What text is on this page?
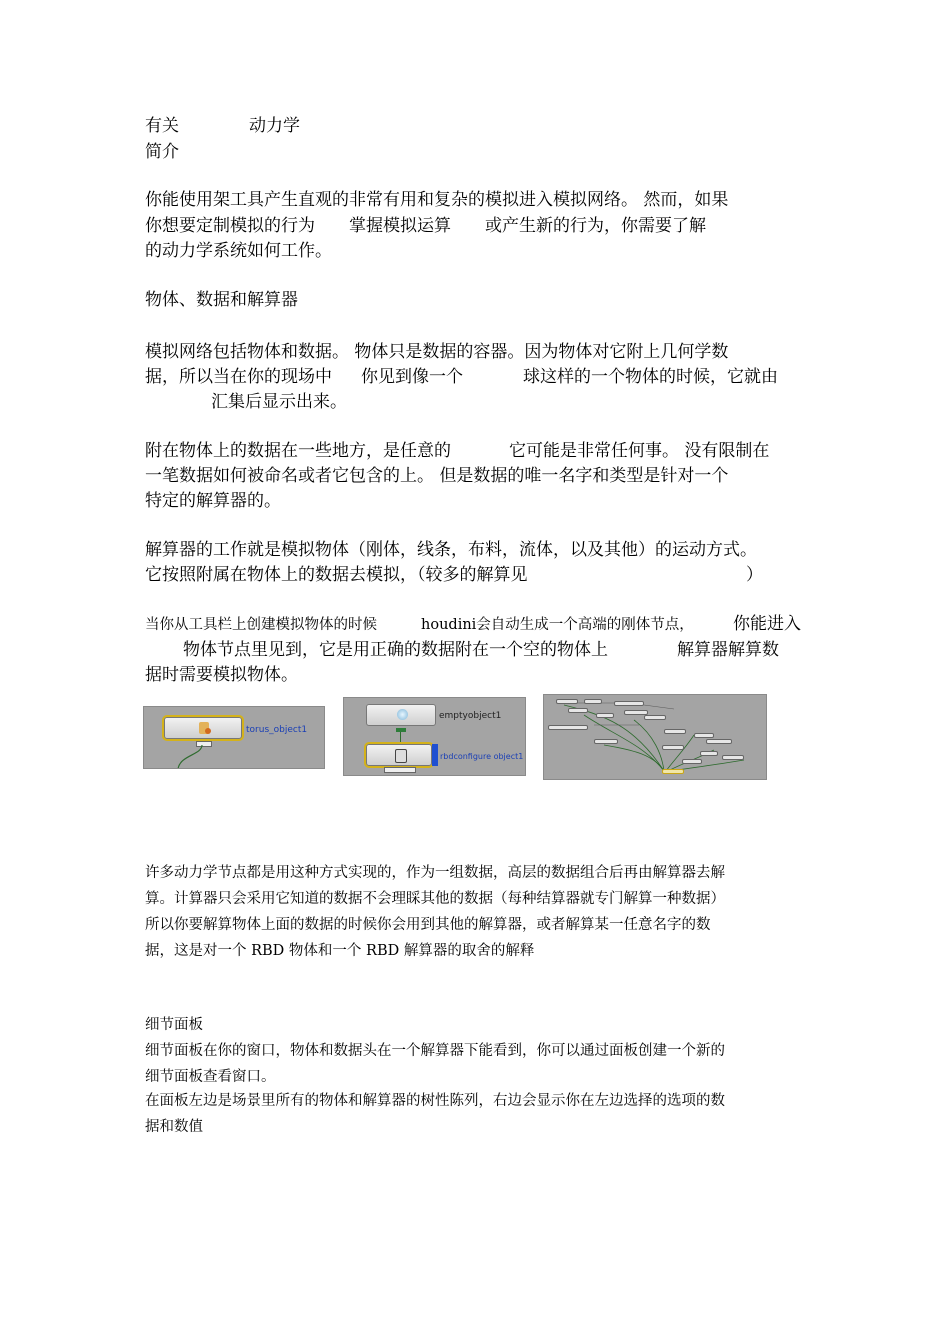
有关	动力学
简介
你能使用架工具产生直观的非常有用和复杂的模拟进入模拟网络。 然而，如果
你想要定制模拟的行为 掌握模拟运算 或产生新的行为，你需要了解
的动力学系统如何工作。
物体、数据和解算器
模拟网络包括物体和数据。 物体只是数据的容器。因为物体对它附上几何学数
据，所以当在你的现场中 你见到像一个	球这样的一个物体的时候，它就由
汇集后显示出来。
附在物体上的数据在一些地方，是任意的	它可能是非常任何事。 没有限制在
一笔数据如何被命名或者它包含的上。 但是数据的唯一名字和类型是针对一个
特定的解算器的。
解算器的工作就是模拟物体（刚体，线条，布料，流体，以及其他）的运动方式。
它按照附属在物体上的数据去模拟，（较多的解算见	）
当你从工具栏上创建模拟物体的时候	houdini会自动生成一个高端的刚体节点， 你能进入
物体节点里见到，它是用正确的数据附在一个空的物体上	解算器解算数
据时需要模拟物体。
torus_object1
emptyobject1
rbdconfigure object1
许多动力学节点都是用这种方式实现的，作为一组数据，高层的数据组合后再由解算器去解
算。计算器只会采用它知道的数据不会理睬其他的数据（每种结算器就专门解算一种数据）
所以你要解算物体上面的数据的时候你会用到其他的解算器，或者解算某一任意名字的数
据，这是对一个 RBD 物体和一个 RBD 解算器的取舍的解释
细节面板
细节面板在你的窗口，物体和数据头在一个解算器下能看到，你可以通过面板创建一个新的
细节面板查看窗口。
在面板左边是场景里所有的物体和解算器的树性陈列，右边会显示你在左边选择的选项的数
据和数值
